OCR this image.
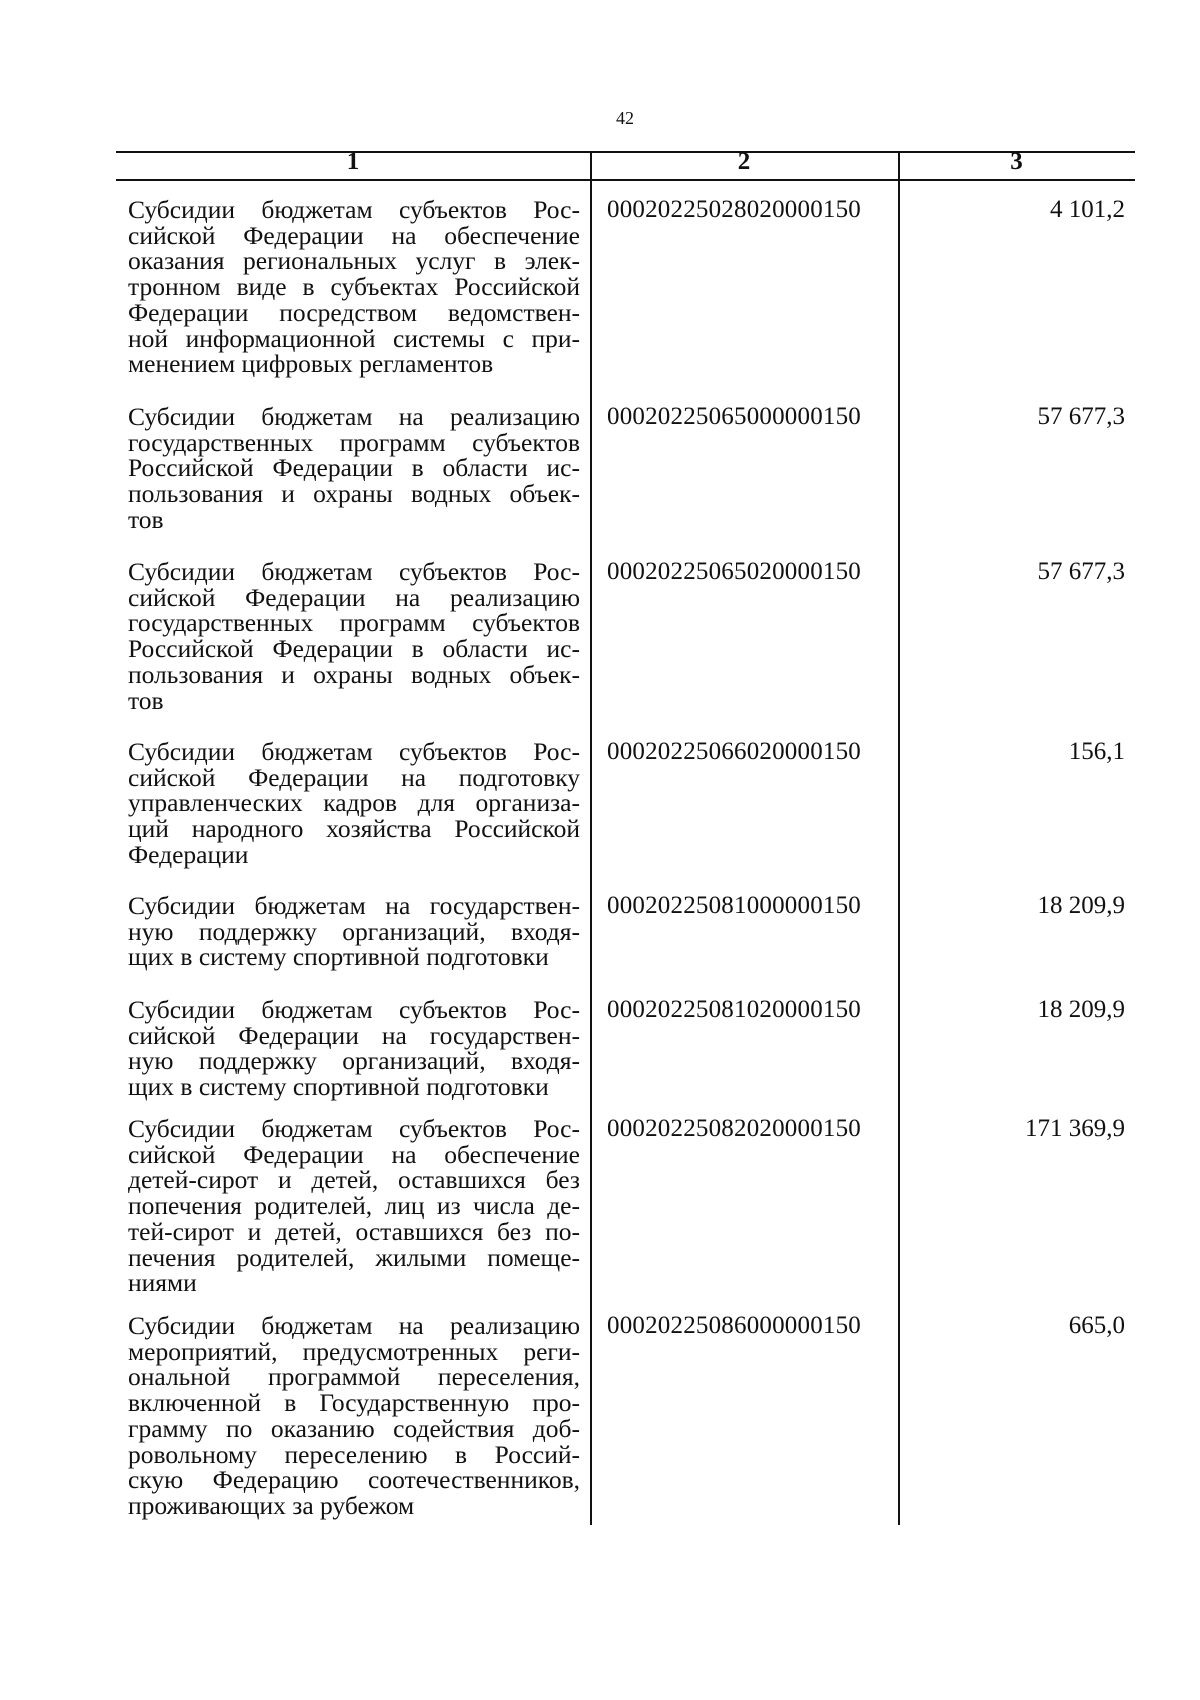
42
1	2	3
Субсидии бюджетам субъектов Рос-
сийской Федерации на обеспечение
оказания региональных услуг в элек-
тронном виде в субъектах Российской
Федерации посредством ведомствен-
ной информационной системы с при-
менением цифровых регламентов
00020225028020000150	4 101,2
Субсидии бюджетам на реализацию
государственных программ субъектов
Российской Федерации в области ис-
пользования и охраны водных объек-
тов
00020225065000000150	57 677,3
Субсидии бюджетам субъектов Рос-
сийской Федерации на реализацию
государственных программ субъектов
Российской Федерации в области ис-
пользования и охраны водных объек-
тов
00020225065020000150	57 677,3
Субсидии бюджетам субъектов Рос-
сийской Федерации на подготовку
управленческих кадров для организа-
ций народного хозяйства Российской
Федерации
00020225066020000150	156,1
Субсидии бюджетам на государствен-
ную поддержку организаций, входя-
щих в систему спортивной подготовки
00020225081000000150	18 209,9
Субсидии бюджетам субъектов Рос-
сийской Федерации на государствен-
ную поддержку организаций, входя-
щих в систему спортивной подготовки
00020225081020000150	18 209,9
Субсидии бюджетам субъектов Рос-
сийской Федерации на обеспечение
детей-сирот и детей, оставшихся без
попечения родителей, лиц из числа де-
тей-сирот и детей, оставшихся без по-
печения родителей, жилыми помеще-
ниями
00020225082020000150	171 369,9
Субсидии бюджетам на реализацию
мероприятий, предусмотренных реги-
ональной программой переселения,
включенной в Государственную про-
грамму по оказанию содействия доб-
ровольному переселению в Россий-
скую Федерацию соотечественников,
проживающих за рубежом
00020225086000000150	665,0
